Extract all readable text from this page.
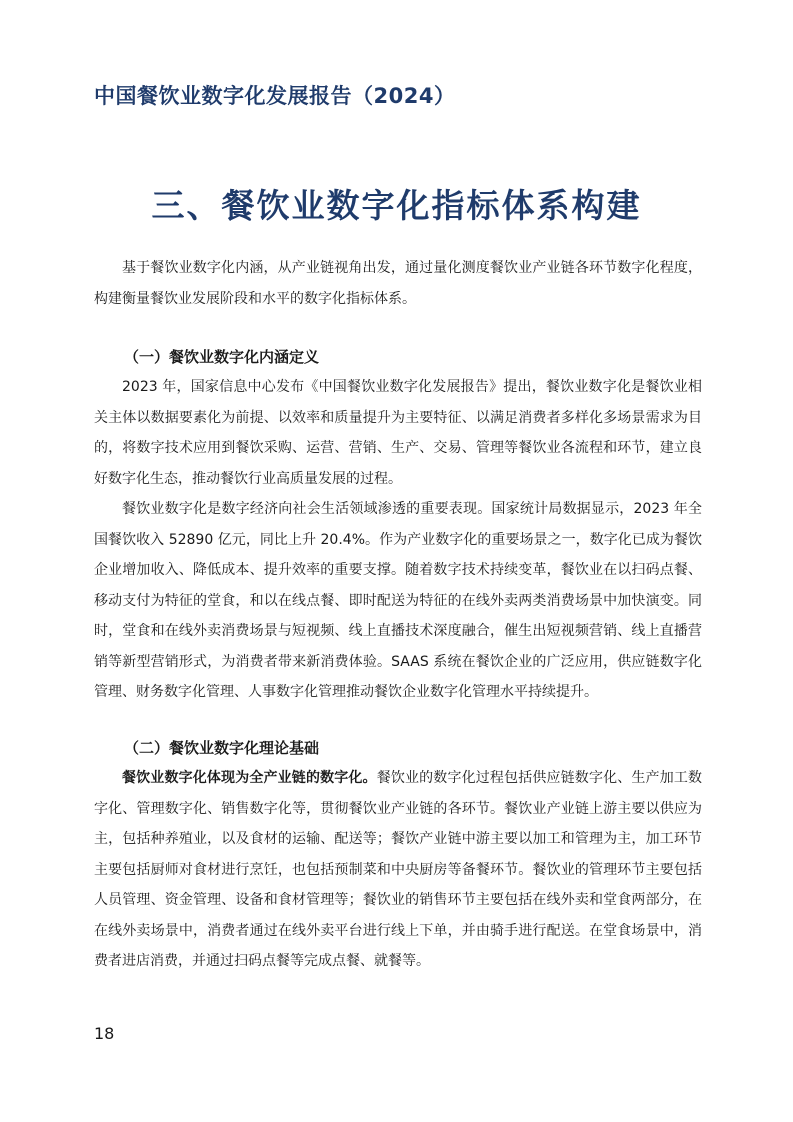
中国餐饮业数字化发展报告（2024）
三、餐饮业数字化指标体系构建

基于餐饮业数字化内涵，从产业链视角出发，通过量化测度餐饮业产业链各环节数字化程度，构建衡量餐饮业发展阶段和水平的数字化指标体系。

（一）餐饮业数字化内涵定义

2023 年，国家信息中心发布《中国餐饮业数字化发展报告》提出，餐饮业数字化是餐饮业相关主体以数据要素化为前提、以效率和质量提升为主要特征、以满足消费者多样化多场景需求为目的，将数字技术应用到餐饮采购、运营、营销、生产、交易、管理等餐饮业各流程和环节，建立良好数字化生态，推动餐饮行业高质量发展的过程。

餐饮业数字化是数字经济向社会生活领域渗透的重要表现。国家统计局数据显示，2023 年全国餐饮收入 52890 亿元，同比上升 20.4%。作为产业数字化的重要场景之一，数字化已成为餐饮企业增加收入、降低成本、提升效率的重要支撑。随着数字技术持续变革，餐饮业在以扫码点餐、移动支付为特征的堂食，和以在线点餐、即时配送为特征的在线外卖两类消费场景中加快演变。同时，堂食和在线外卖消费场景与短视频、线上直播技术深度融合，催生出短视频营销、线上直播营销等新型营销形式，为消费者带来新消费体验。SAAS 系统在餐饮企业的广泛应用，供应链数字化管理、财务数字化管理、人事数字化管理推动餐饮企业数字化管理水平持续提升。

（二）餐饮业数字化理论基础

餐饮业数字化体现为全产业链的数字化。餐饮业的数字化过程包括供应链数字化、生产加工数字化、管理数字化、销售数字化等，贯彻餐饮业产业链的各环节。餐饮业产业链上游主要以供应为主，包括种养殖业，以及食材的运输、配送等；餐饮产业链中游主要以加工和管理为主，加工环节主要包括厨师对食材进行烹饪，也包括预制菜和中央厨房等备餐环节。餐饮业的管理环节主要包括人员管理、资金管理、设备和食材管理等；餐饮业的销售环节主要包括在线外卖和堂食两部分，在在线外卖场景中，消费者通过在线外卖平台进行线上下单，并由骑手进行配送。在堂食场景中，消费者进店消费，并通过扫码点餐等完成点餐、就餐等。

18
